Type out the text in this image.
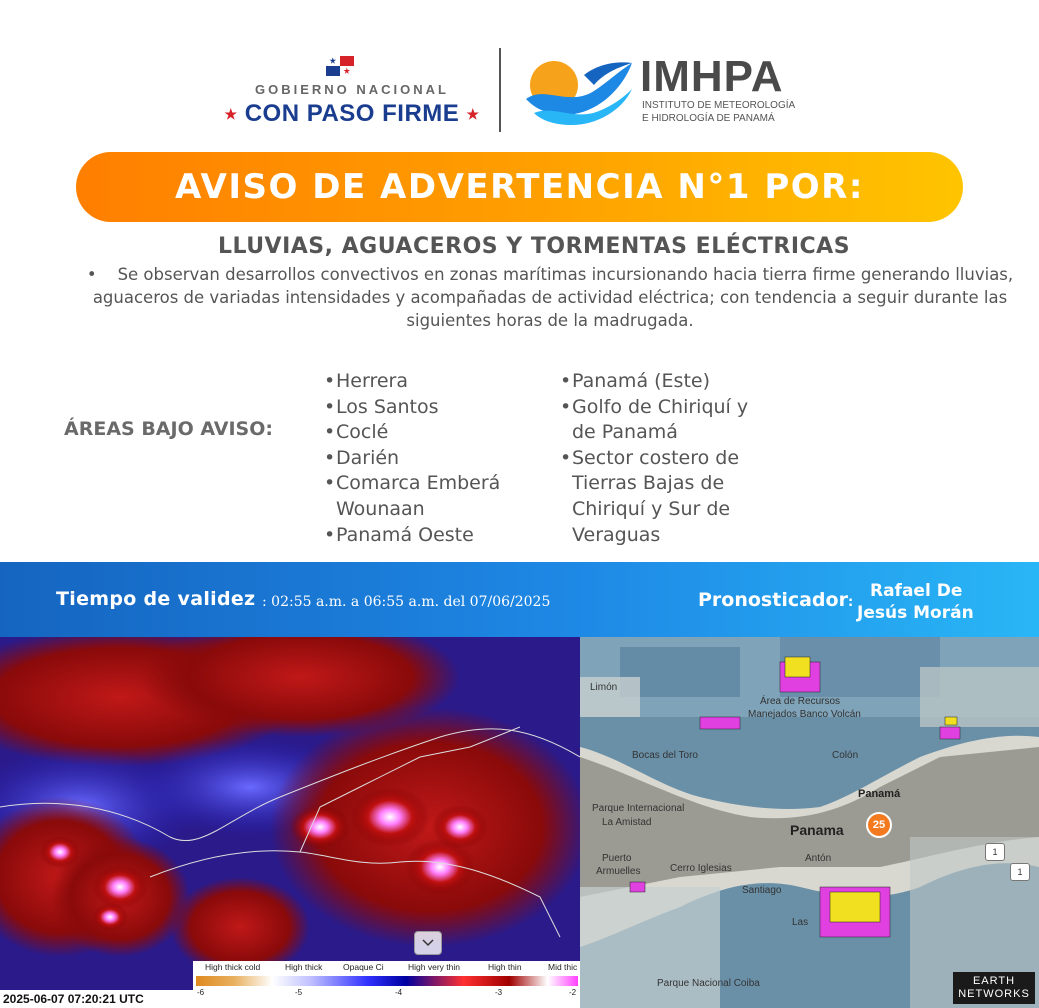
GOBIERNO NACIONAL
★ CON PASO FIRME ★
IMHPA
INSTITUTO DE METEOROLOGÍA
E HIDROLOGÍA DE PANAMÁ
AVISO DE ADVERTENCIA N°1 POR:
LLUVIAS, AGUACEROS Y TORMENTAS ELÉCTRICAS
•    Se observan desarrollos convectivos en zonas marítimas incursionando hacia tierra firme generando lluvias, aguaceros de variadas intensidades y acompañadas de actividad eléctrica; con tendencia a seguir durante las siguientes horas de la madrugada.
ÁREAS BAJO AVISO:
• Herrera
• Los Santos
• Coclé
• Darién
• Comarca Emberá Wounaan
• Panamá Oeste
• Panamá (Este)
• Golfo de Chiriquí y de Panamá
• Sector costero de Tierras Bajas de Chiriquí y Sur de Veraguas
Tiempo de validez : 02:55 a.m. a 06:55 a.m. del 07/06/2025	Pronosticador:
Rafael De
Jesús Morán
High thick cold	High thick Opaque Ci	High very thin	High thin	Mid thic
-6	-5	-4	-3	-2
2025-06-07 07:20:21 UTC
Limón
Área de Recursos
Manejados Banco Volcán
Bocas del Toro	Colón
Panamá
Panama
Parque Internacional
La Amistad
Antón
Puerto
Armuelles	Cerro Iglesias
Santiago
Las
Parque Nacional Coiba
25
1
1
EARTH
NETWORKS
